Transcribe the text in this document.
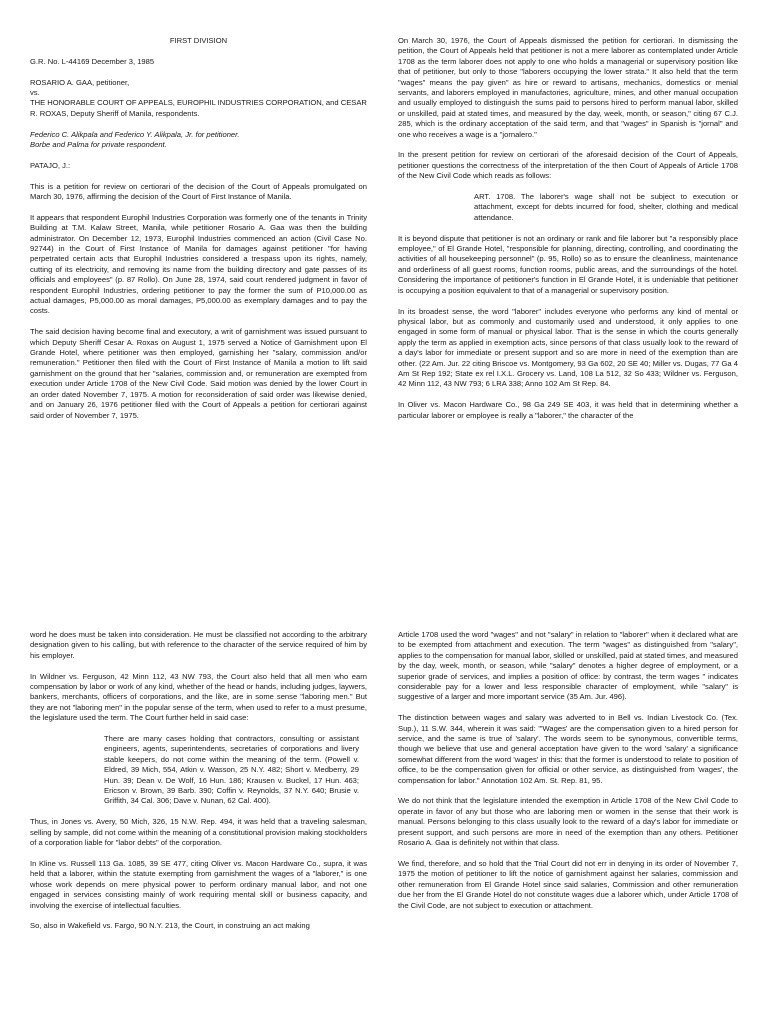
FIRST DIVISION

G.R. No. L-44169 December 3, 1985

ROSARIO A. GAA, petitioner,

vs.

THE HONORABLE COURT OF APPEALS, EUROPHIL INDUSTRIES CORPORATION, and CESAR R. ROXAS, Deputy Sheriff of Manila, respondents.

Federico C. Alikpala and Federico Y. Alikpala, Jr. for petitioner.

Borbe and Palma for private respondent.

PATAJO, J.:

This is a petition for review on certiorari of the decision of the Court of Appeals promulgated on March 30, 1976, affirming the decision of the Court of First Instance of Manila.

It appears that respondent Europhil Industries Corporation was formerly one of the tenants in Trinity Building at T.M. Kalaw Street, Manila, while petitioner Rosario A. Gaa was then the building administrator. On December 12, 1973, Europhil Industries commenced an action (Civil Case No. 92744) in the Court of First Instance of Manila for damages against petitioner "for having perpetrated certain acts that Europhil Industries considered a trespass upon its rights, namely, cutting of its electricity, and removing its name from the building directory and gate passes of its officials and employees" (p. 87 Rollo). On June 28, 1974, said court rendered judgment in favor of respondent Europhil Industries, ordering petitioner to pay the former the sum of P10,000.00 as actual damages, P5,000.00 as moral damages, P5,000.00 as exemplary damages and to pay the costs.

The said decision having become final and executory, a writ of garnishment was issued pursuant to which Deputy Sheriff Cesar A. Roxas on August 1, 1975 served a Notice of Garnishment upon El Grande Hotel, where petitioner was then employed, garnishing her "salary, commission and/or remuneration." Petitioner then filed with the Court of First Instance of Manila a motion to lift said garnishment on the ground that her "salaries, commission and, or remuneration are exempted from execution under Article 1708 of the New Civil Code. Said motion was denied by the lower Court in an order dated November 7, 1975. A motion for reconsideration of said order was likewise denied, and on January 26, 1976 petitioner filed with the Court of Appeals a petition for certiorari against said order of November 7, 1975.

On March 30, 1976, the Court of Appeals dismissed the petition for certiorari. In dismissing the petition, the Court of Appeals held that petitioner is not a mere laborer as contemplated under Article 1708 as the term laborer does not apply to one who holds a managerial or supervisory position like that of petitioner, but only to those "laborers occupying the lower strata." It also held that the term "wages" means the pay given" as hire or reward to artisans, mechanics, domestics or menial servants, and laborers employed in manufactories, agriculture, mines, and other manual occupation and usually employed to distinguish the sums paid to persons hired to perform manual labor, skilled or unskilled, paid at stated times, and measured by the day, week, month, or season," citing 67 C.J. 285, which is the ordinary acceptation of the said term, and that "wages" in Spanish is "jornal" and one who receives a wage is a "jornalero."

In the present petition for review on certiorari of the aforesaid decision of the Court of Appeals, petitioner questions the correctness of the interpretation of the then Court of Appeals of Article 1708 of the New Civil Code which reads as follows:

ART. 1708. The laborer's wage shall not be subject to execution or attachment, except for debts incurred for food, shelter, clothing and medical attendance.

It is beyond dispute that petitioner is not an ordinary or rank and file laborer but "a responsibly place employee," of El Grande Hotel, "responsible for planning, directing, controlling, and coordinating the activities of all housekeeping personnel" (p. 95, Rollo) so as to ensure the cleanliness, maintenance and orderliness of all guest rooms, function rooms, public areas, and the surroundings of the hotel. Considering the importance of petitioner's function in El Grande Hotel, it is undeniable that petitioner is occupying a position equivalent to that of a managerial or supervisory position.

In its broadest sense, the word "laborer" includes everyone who performs any kind of mental or physical labor, but as commonly and customarily used and understood, it only applies to one engaged in some form of manual or physical labor. That is the sense in which the courts generally apply the term as applied in exemption acts, since persons of that class usually look to the reward of a day's labor for immediate or present support and so are more in need of the exemption than are other. (22 Am. Jur. 22 citing Briscoe vs. Montgomery, 93 Ga 602, 20 SE 40; Miller vs. Dugas, 77 Ga 4 Am St Rep 192; State ex rel I.X.L. Grocery vs. Land, 108 La 512, 32 So 433; Wildner vs. Ferguson, 42 Minn 112, 43 NW 793; 6 LRA 338; Anno 102 Am St Rep. 84.

In Oliver vs. Macon Hardware Co., 98 Ga 249 SE 403, it was held that in determining whether a particular laborer or employee is really a "laborer," the character of the

word he does must be taken into consideration. He must be classified not according to the arbitrary designation given to his calling, but with reference to the character of the service required of him by his employer.

In Wildner vs. Ferguson, 42 Minn 112, 43 NW 793, the Court also held that all men who earn compensation by labor or work of any kind, whether of the head or hands, including judges, laywers, bankers, merchants, officers of corporations, and the like, are in some sense "laboring men." But they are not "laboring men" in the popular sense of the term, when used to refer to a must presume, the legislature used the term. The Court further held in said case:

There are many cases holding that contractors, consulting or assistant engineers, agents, superintendents, secretaries of corporations and livery stable keepers, do not come within the meaning of the term. (Powell v. Eldred, 39 Mich, 554, Atkin v. Wasson, 25 N.Y. 482; Short v. Medberry, 29 Hun. 39; Dean v. De Wolf, 16 Hun. 186; Krausen v. Buckel, 17 Hun. 463; Ericson v. Brown, 39 Barb. 390; Coffin v. Reynolds, 37 N.Y. 640; Brusie v. Griffith, 34 Cal. 306; Dave v. Nunan, 62 Cal. 400).

Thus, in Jones vs. Avery, 50 Mich, 326, 15 N.W. Rep. 494, it was held that a traveling salesman, selling by sample, did not come within the meaning of a constitutional provision making stockholders of a corporation liable for "labor debts" of the corporation.

In Kline vs. Russell 113 Ga. 1085, 39 SE 477, citing Oliver vs. Macon Hardware Co., supra, it was held that a laborer, within the statute exempting from garnishment the wages of a "laborer," is one whose work depends on mere physical power to perform ordinary manual labor, and not one engaged in services consisting mainly of work requiring mental skill or business capacity, and involving the exercise of intellectual faculties.

So, also in Wakefield vs. Fargo, 90 N.Y. 213, the Court, in construing an act making

Article 1708 used the word "wages" and not "salary" in relation to "laborer" when it declared what are to be exempted from attachment and execution. The term "wages" as distinguished from "salary", applies to the compensation for manual labor, skilled or unskilled, paid at stated times, and measured by the day, week, month, or season, while "salary" denotes a higher degree of employment, or a superior grade of services, and implies a position of office: by contrast, the term wages " indicates considerable pay for a lower and less responsible character of employment, while "salary" is suggestive of a larger and more important service (35 Am. Jur. 496).

The distinction between wages and salary was adverted to in Bell vs. Indian Livestock Co. (Tex. Sup.), 11 S.W. 344, wherein it was said: "'Wages' are the compensation given to a hired person for service, and the same is true of 'salary'. The words seem to be synonymous, convertible terms, though we believe that use and general acceptation have given to the word 'salary' a significance somewhat different from the word 'wages' in this: that the former is understood to relate to position of office, to be the compensation given for official or other service, as distinguished from 'wages', the compensation for labor." Annotation 102 Am. St. Rep. 81, 95.

We do not think that the legislature intended the exemption in Article 1708 of the New Civil Code to operate in favor of any but those who are laboring men or women in the sense that their work is manual. Persons belonging to this class usually look to the reward of a day's labor for immediate or present support, and such persons are more in need of the exemption than any others. Petitioner Rosario A. Gaa is definitely not within that class.

We find, therefore, and so hold that the Trial Court did not err in denying in its order of November 7, 1975 the motion of petitioner to lift the notice of garnishment against her salaries, commission and other remuneration from El Grande Hotel since said salaries, Commission and other remuneration due her from the El Grande Hotel do not constitute wages due a laborer which, under Article 1708 of the Civil Code, are not subject to execution or attachment.
